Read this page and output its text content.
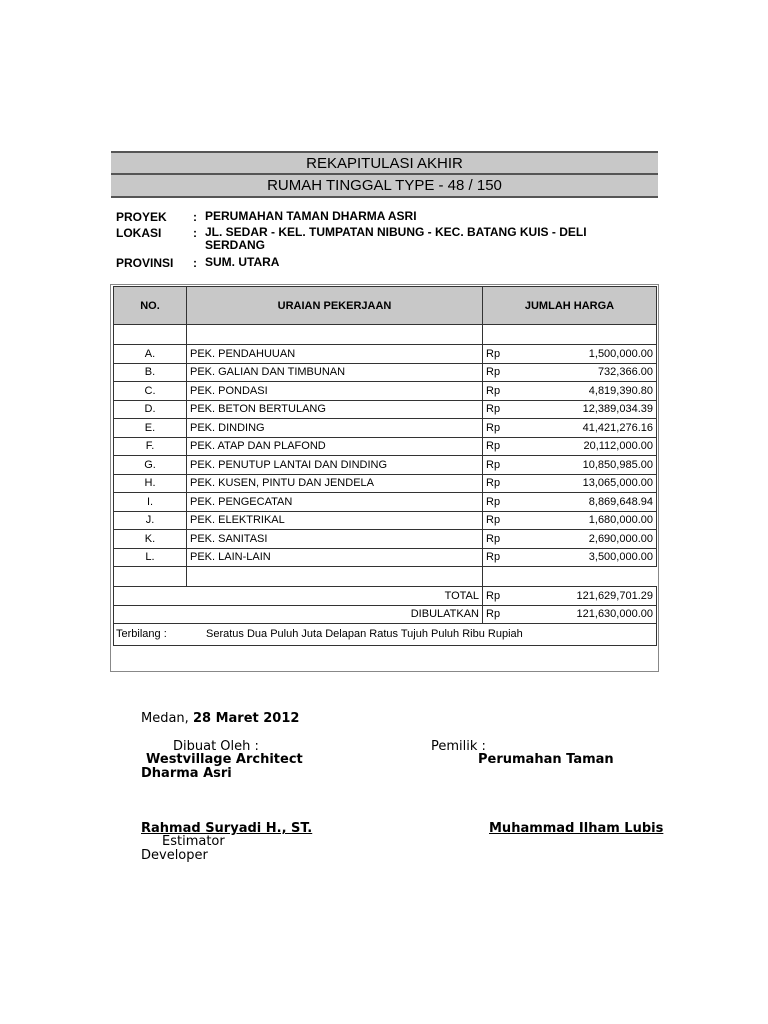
REKAPITULASI AKHIR
RUMAH TINGGAL TYPE - 48 / 150
PROYEK : PERUMAHAN TAMAN DHARMA ASRI
LOKASI	: JL. SEDAR - KEL. TUMPATAN NIBUNG - KEC. BATANG KUIS - DELI SERDANG
PROVINSI : SUM. UTARA
NO.	URAIAN PEKERJAAN	JUMLAH HARGA	

A.	PEK. PENDAHUUAN	Rp	1,500,000.00
B.	PEK. GALIAN DAN TIMBUNAN	Rp	732,366.00
C.	PEK. PONDASI	Rp	4,819,390.80
D.	PEK. BETON BERTULANG	Rp	12,389,034.39
E.	PEK. DINDING	Rp	41,421,276.16
F.	PEK. ATAP DAN PLAFOND	Rp	20,112,000.00
G.	PEK. PENUTUP LANTAI DAN DINDING	Rp	10,850,985.00
H.	PEK. KUSEN, PINTU DAN JENDELA	Rp	13,065,000.00
I.	PEK. PENGECATAN	Rp	8,869,648.94
J.	PEK. ELEKTRIKAL	Rp	1,680,000.00
K.	PEK. SANITASI	Rp	2,690,000.00
L.	PEK. LAIN-LAIN	Rp	3,500,000.00

TOTAL		Rp	121,629,701.29
DIBULATKAN		Rp	121,630,000.00
Terbilang :	Seratus Dua Puluh Juta Delapan Ratus Tujuh Puluh Ribu Rupiah
Medan, 28 Maret 2012
Dibuat Oleh :
Westvillage Architect
Dharma Asri
Pemilik :
Perumahan Taman
Rahmad Suryadi H., ST.
Estimator
Developer
Muhammad Ilham Lubis
